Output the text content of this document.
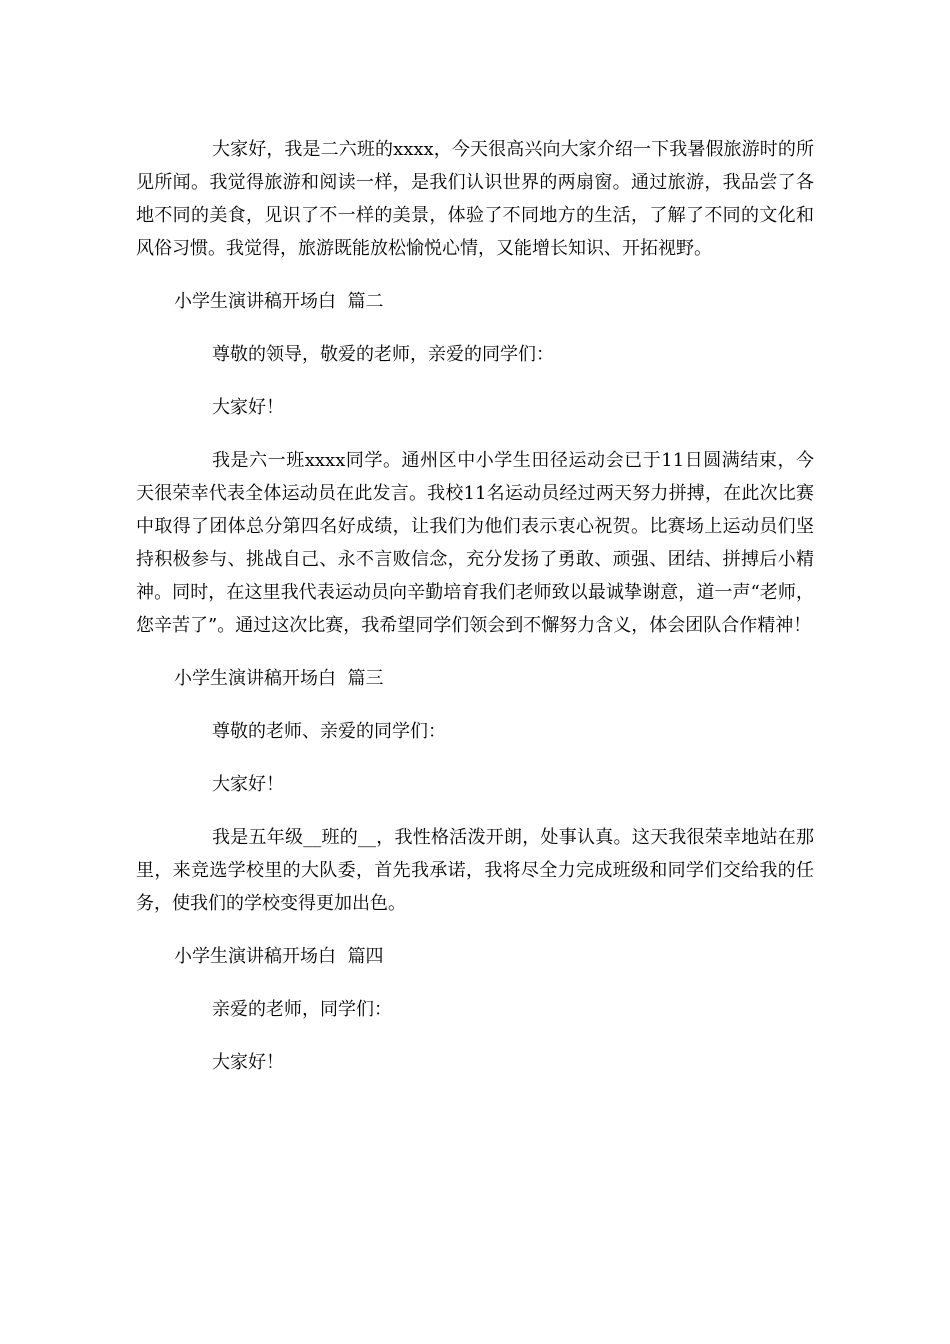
大家好，我是二六班的xxxx，今天很高兴向大家介绍一下我暑假旅游时的所见所闻。我觉得旅游和阅读一样，是我们认识世界的两扇窗。通过旅游，我品尝了各地不同的美食，见识了不一样的美景，体验了不同地方的生活，了解了不同的文化和风俗习惯。我觉得，旅游既能放松愉悦心情，又能增长知识、开拓视野。

小学生演讲稿开场白  篇二

尊敬的领导，敬爱的老师，亲爱的同学们：

大家好！

我是六一班xxxx同学。通州区中小学生田径运动会已于11日圆满结束，今天很荣幸代表全体运动员在此发言。我校11名运动员经过两天努力拼搏，在此次比赛中取得了团体总分第四名好成绩，让我们为他们表示衷心祝贺。比赛场上运动员们坚持积极参与、挑战自己、永不言败信念，充分发扬了勇敢、顽强、团结、拼搏后小精神。同时，在这里我代表运动员向辛勤培育我们老师致以最诚挚谢意，道一声“老师，您辛苦了”。通过这次比赛，我希望同学们领会到不懈努力含义，体会团队合作精神！

小学生演讲稿开场白  篇三

尊敬的老师、亲爱的同学们：

大家好！

我是五年级__班的__，我性格活泼开朗，处事认真。这天我很荣幸地站在那里，来竞选学校里的大队委，首先我承诺，我将尽全力完成班级和同学们交给我的任务，使我们的学校变得更加出色。

小学生演讲稿开场白  篇四

亲爱的老师，同学们：

大家好！
